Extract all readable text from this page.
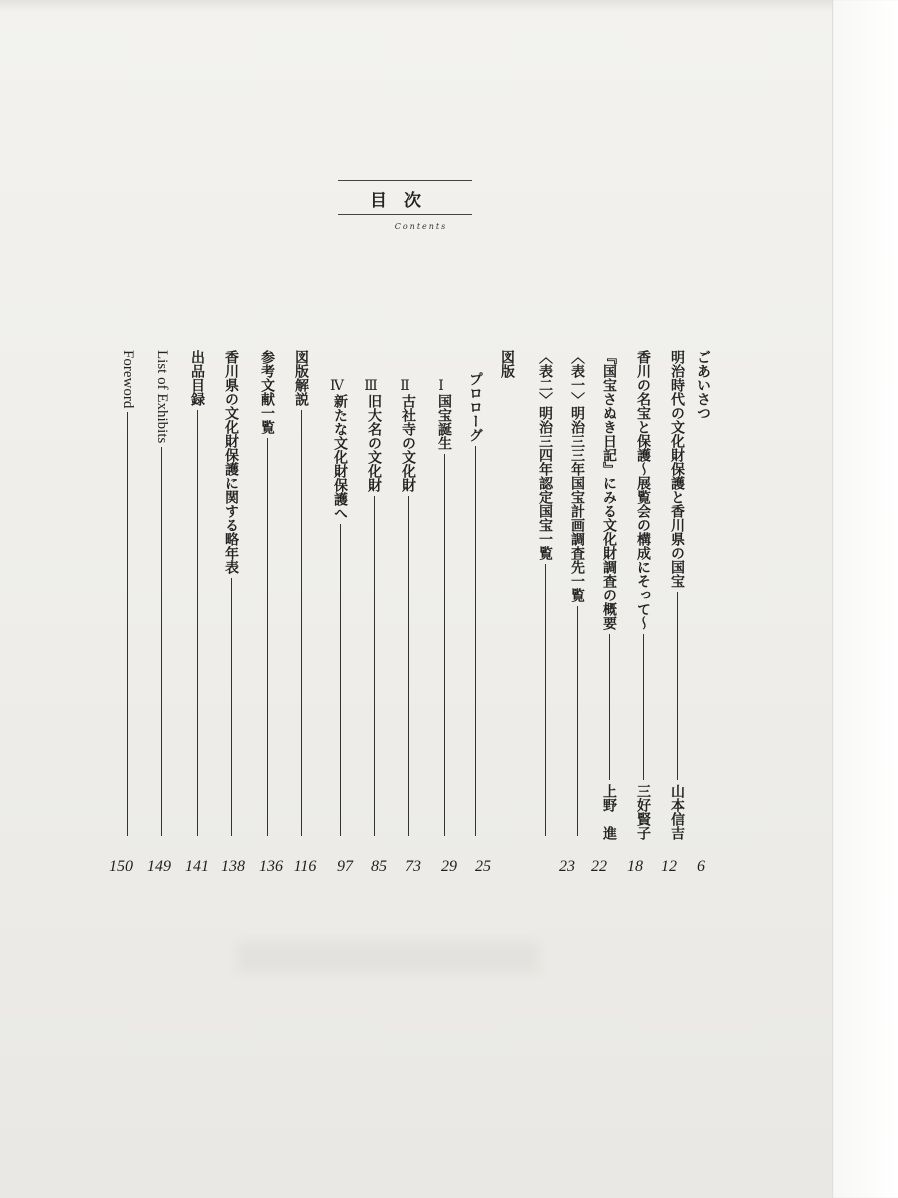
目　次
Contents
ごあいさつ
明治時代の文化財保護と香川県の国宝
山本信吉
香川の名宝と保護〜展覧会の構成にそって〜
三好賢子
『国宝さぬき日記』にみる文化財調査の概要
上野　進
〈表一〉明治三三年国宝計画調査先一覧
〈表二〉明治三四年認定国宝一覧
図版
プロローグ
Ⅰ
国宝誕生
Ⅱ
古社寺の文化財
Ⅲ
旧大名の文化財
Ⅳ
新たな文化財保護へ
図版解説
参考文献一覧
香川県の文化財保護に関する略年表
出品目録
List of Exhibits
Foreword
6
12
18
22
23
25
29
73
85
97
116
136
138
141
149
150
